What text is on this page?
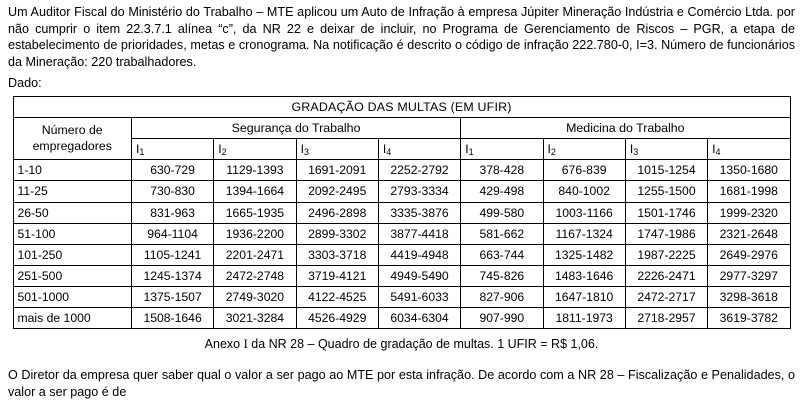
Um Auditor Fiscal do Ministério do Trabalho – MTE aplicou um Auto de Infração à empresa Júpiter Mineração Indústria e Comércio Ltda. por não cumprir o item 22.3.7.1 alínea “c”, da NR 22 e deixar de incluir, no Programa de Gerenciamento de Riscos – PGR, a etapa de estabelecimento de prioridades, metas e cronograma. Na notificação é descrito o código de infração 222.780-0, I=3. Número de funcionários da Mineração: 220 trabalhadores.

Dado:

GRADAÇÃO DAS MULTAS (EM UFIR)								
Número de
empregadores	Segurança do Trabalho				Medicina do Trabalho			
	$I_1$	$I_2$	$I_3$	$I_4$	$I_1$	$I_2$	$I_3$	$I_4$
1-10	630-729	1129-1393	1691-2091	2252-2792	378-428	676-839	1015-1254	1350-1680
11-25	730-830	1394-1664	2092-2495	2793-3334	429-498	840-1002	1255-1500	1681-1998
26-50	831-963	1665-1935	2496-2898	3335-3876	499-580	1003-1166	1501-1746	1999-2320
51-100	964-1104	1936-2200	2899-3302	3877-4418	581-662	1167-1324	1747-1986	2321-2648
101-250	1105-1241	2201-2471	3303-3718	4419-4948	663-744	1325-1482	1987-2225	2649-2976
251-500	1245-1374	2472-2748	3719-4121	4949-5490	745-826	1483-1646	2226-2471	2977-3297
501-1000	1375-1507	2749-3020	4122-4525	5491-6033	827-906	1647-1810	2472-2717	3298-3618
mais de 1000	1508-1646	3021-3284	4526-4929	6034-6304	907-990	1811-1973	2718-2957	3619-3782

Anexo I da NR 28 – Quadro de gradação de multas. 1 UFIR = R$ 1,06.

O Diretor da empresa quer saber qual o valor a ser pago ao MTE por esta infração. De acordo com a NR 28 – Fiscalização e Penalidades, o valor a ser pago é de
